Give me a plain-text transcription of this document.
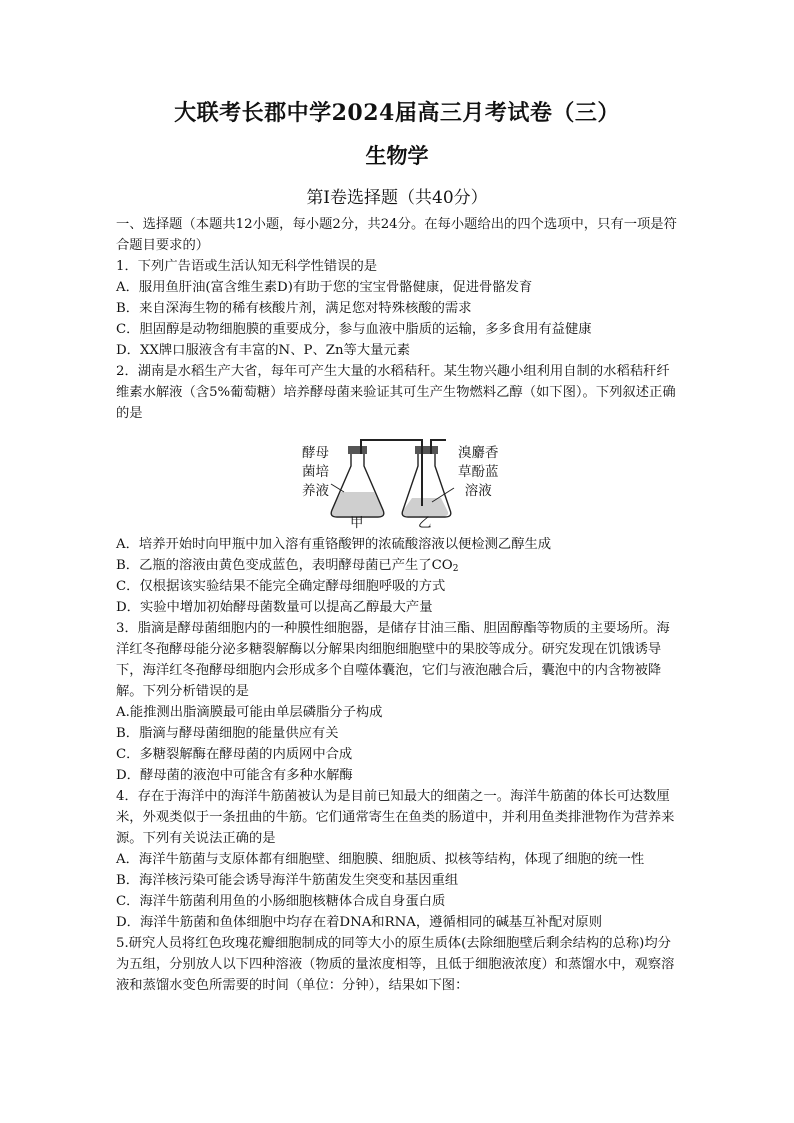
大联考长郡中学2024届高三月考试卷（三）
生物学
第Ⅰ卷选择题（共40分）

一、选择题（本题共12小题，每小题2分，共24分。在每小题给出的四个选项中，只有一项是符合题目要求的）

1．下列广告语或生活认知无科学性错误的是

A．服用鱼肝油(富含维生素D)有助于您的宝宝骨骼健康，促进骨骼发育

B．来自深海生物的稀有核酸片剂，满足您对特殊核酸的需求

C．胆固醇是动物细胞膜的重要成分，参与血液中脂质的运输，多多食用有益健康

D．XX牌口服液含有丰富的N、P、Zn等大量元素

2．湖南是水稻生产大省，每年可产生大量的水稻秸秆。某生物兴趣小组利用自制的水稻秸秆纤维素水解液（含5%葡萄糖）培养酵母菌来验证其可生产生物燃料乙醇（如下图）。下列叙述正确的是

酵母
菌培
养液
溴麝香
草酚蓝
溶液
甲	乙

A．培养开始时向甲瓶中加入溶有重铬酸钾的浓硫酸溶液以便检测乙醇生成

B．乙瓶的溶液由黄色变成蓝色，表明酵母菌已产生了$CO_2$

C．仅根据该实验结果不能完全确定酵母细胞呼吸的方式

D．实验中增加初始酵母菌数量可以提高乙醇最大产量

3．脂滴是酵母菌细胞内的一种膜性细胞器，是储存甘油三酯、胆固醇酯等物质的主要场所。海洋红冬孢酵母能分泌多糖裂解酶以分解果肉细胞细胞壁中的果胶等成分。研究发现在饥饿诱导下，海洋红冬孢酵母细胞内会形成多个自噬体囊泡，它们与液泡融合后，囊泡中的内含物被降解。下列分析错误的是

A.能推测出脂滴膜最可能由单层磷脂分子构成

B．脂滴与酵母菌细胞的能量供应有关

C．多糖裂解酶在酵母菌的内质网中合成

D．酵母菌的液泡中可能含有多种水解酶

4．存在于海洋中的海洋牛筋菌被认为是目前已知最大的细菌之一。海洋牛筋菌的体长可达数厘米，外观类似于一条扭曲的牛筋。它们通常寄生在鱼类的肠道中，并利用鱼类排泄物作为营养来源。下列有关说法正确的是

A．海洋牛筋菌与支原体都有细胞壁、细胞膜、细胞质、拟核等结构，体现了细胞的统一性

B．海洋核污染可能会诱导海洋牛筋菌发生突变和基因重组

C．海洋牛筋菌利用鱼的小肠细胞核糖体合成自身蛋白质

D．海洋牛筋菌和鱼体细胞中均存在着DNA和RNA，遵循相同的碱基互补配对原则

5.研究人员将红色玫瑰花瓣细胞制成的同等大小的原生质体(去除细胞壁后剩余结构的总称)均分为五组，分别放人以下四种溶液（物质的量浓度相等，且低于细胞液浓度）和蒸馏水中，观察溶液和蒸馏水变色所需要的时间（单位：分钟），结果如下图：
